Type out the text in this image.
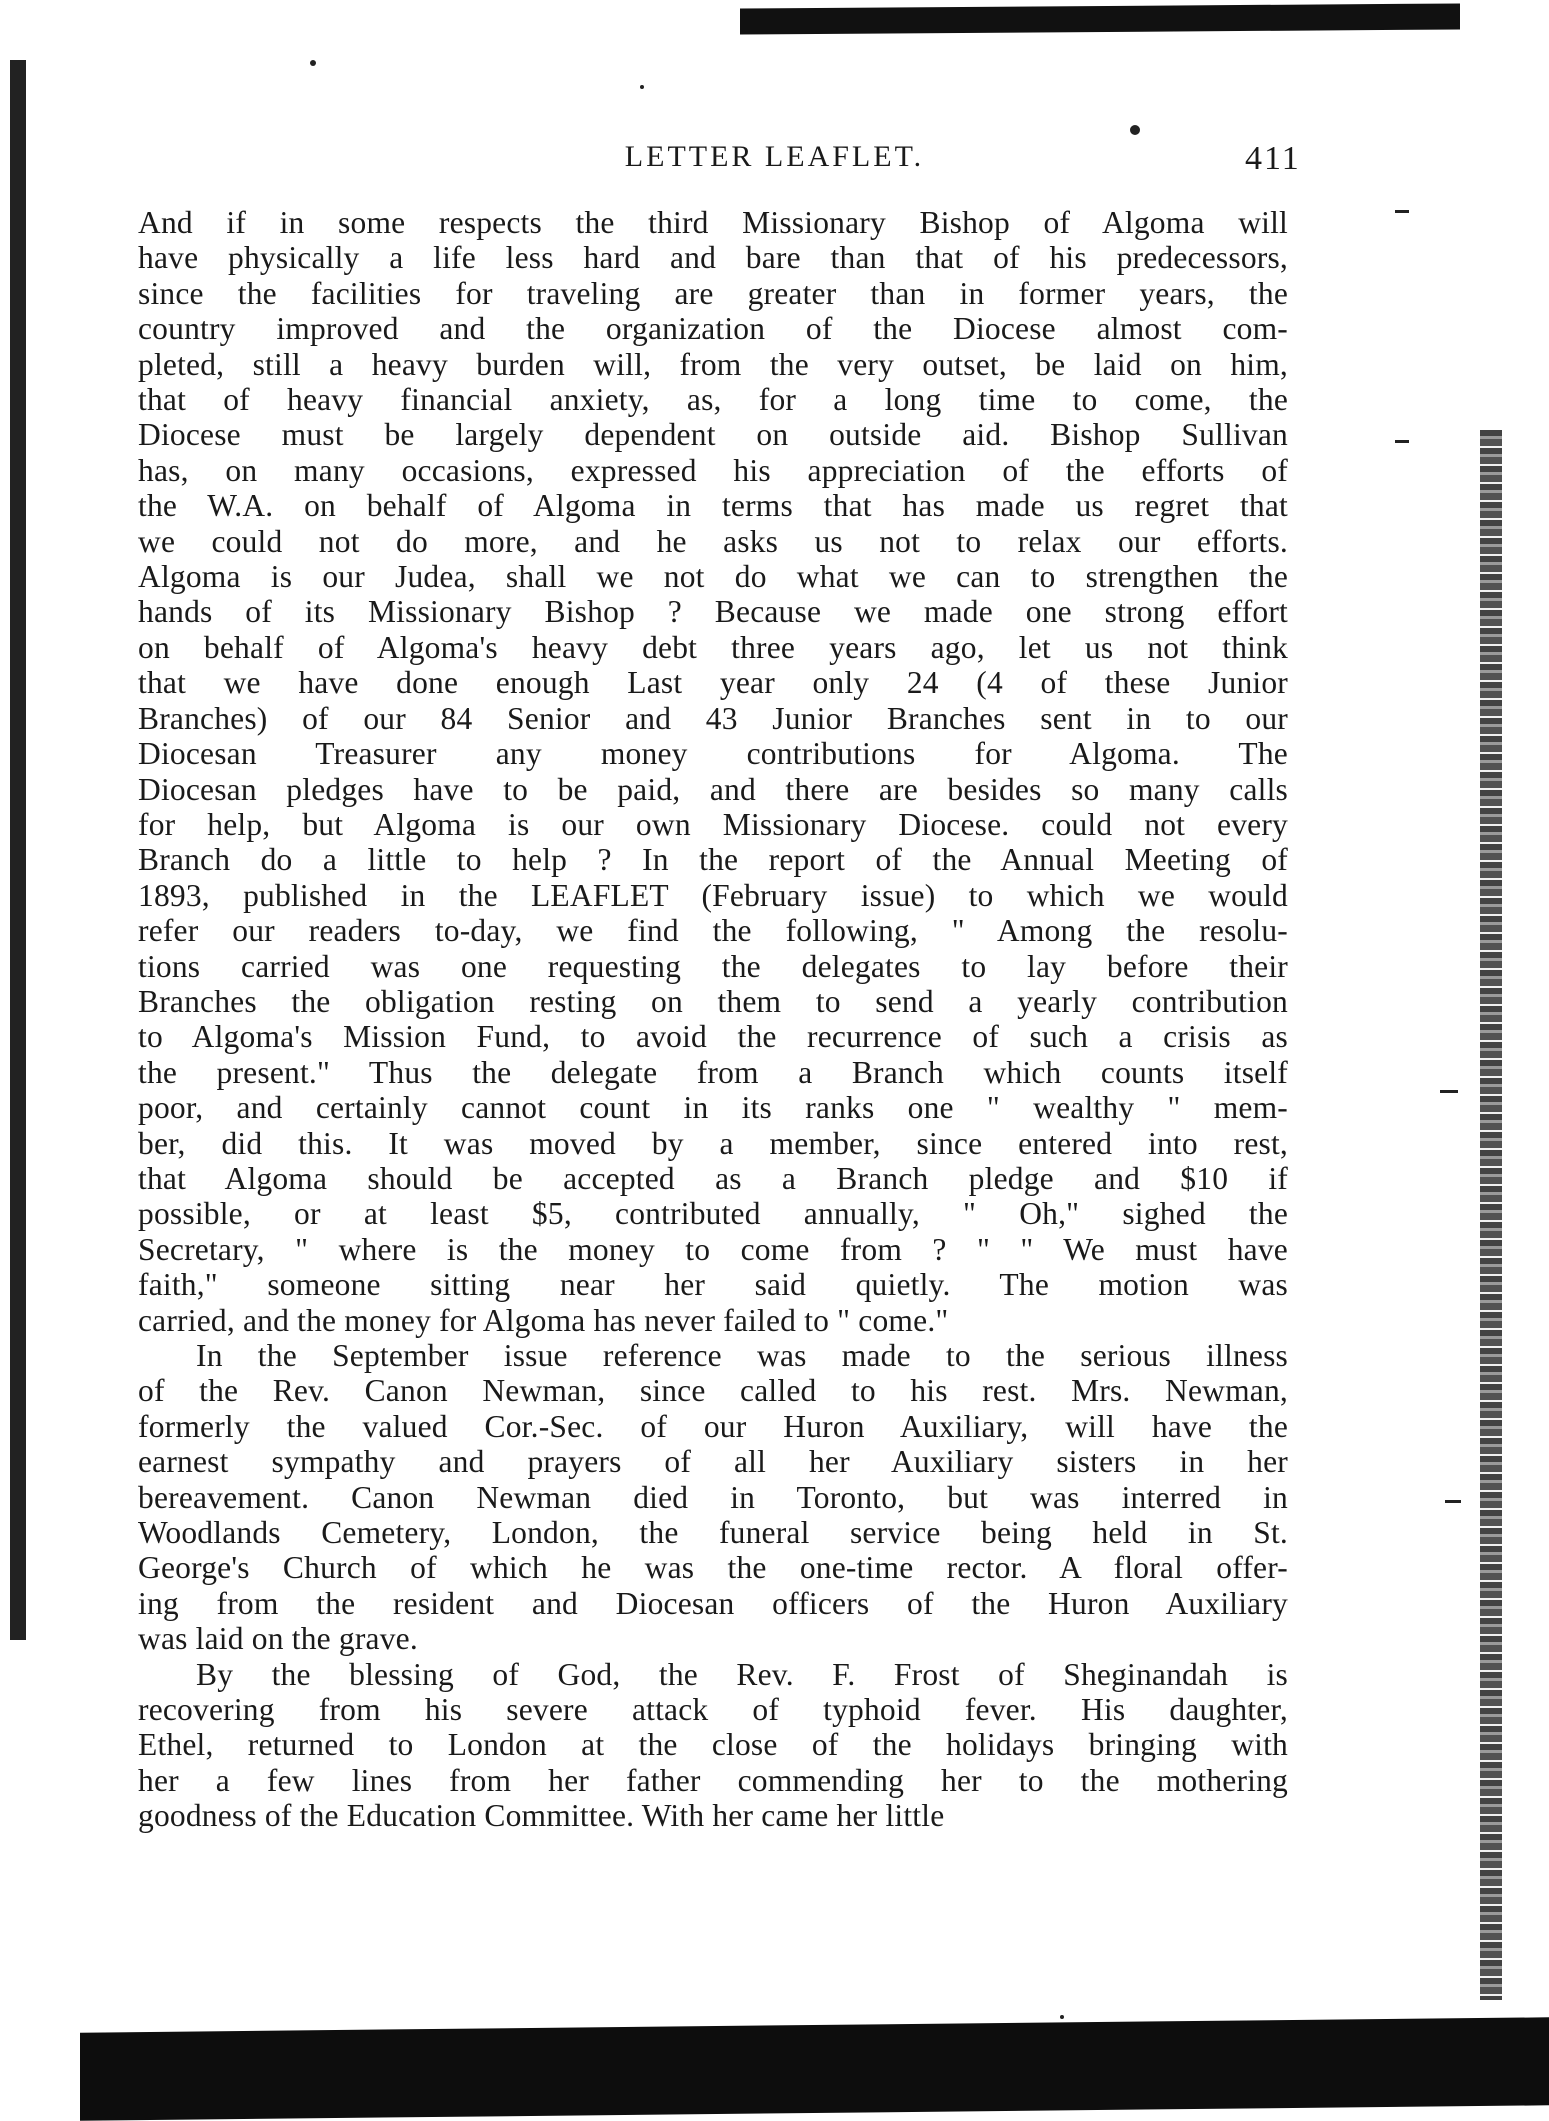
LETTER LEAFLET.	411

And if in some respects the third Missionary Bishop of Algoma will
have physically a life less hard and bare than that of his predecessors,
since the facilities for traveling are greater than in former years, the
country improved and the organization of the Diocese almost com-
pleted, still a heavy burden will, from the very outset, be laid on him,
that of heavy financial anxiety, as, for a long time to come, the
Diocese must be largely dependent on outside aid. Bishop Sullivan
has, on many occasions, expressed his appreciation of the efforts of
the W.A. on behalf of Algoma in terms that has made us regret that
we could not do more, and he asks us not to relax our efforts.
Algoma is our Judea, shall we not do what we can to strengthen the
hands of its Missionary Bishop ? Because we made one strong effort
on behalf of Algoma's heavy debt three years ago, let us not think
that we have done enough Last year only 24 (4 of these Junior
Branches) of our 84 Senior and 43 Junior Branches sent in to our
Diocesan Treasurer any money contributions for Algoma. The
Diocesan pledges have to be paid, and there are besides so many calls
for help, but Algoma is our own Missionary Diocese. could not every
Branch do a little to help ? In the report of the Annual Meeting of
1893, published in the LEAFLET (February issue) to which we would
refer our readers to-day, we find the following, " Among the resolu-
tions carried was one requesting the delegates to lay before their
Branches the obligation resting on them to send a yearly contribution
to Algoma's Mission Fund, to avoid the recurrence of such a crisis as
the present." Thus the delegate from a Branch which counts itself
poor, and certainly cannot count in its ranks one " wealthy " mem-
ber, did this. It was moved by a member, since entered into rest,
that Algoma should be accepted as a Branch pledge and $10 if
possible, or at least $5, contributed annually, " Oh," sighed the
Secretary, " where is the money to come from ? " " We must have
faith," someone sitting near her said quietly. The motion was
carried, and the money for Algoma has never failed to " come."

In the September issue reference was made to the serious illness
of the Rev. Canon Newman, since called to his rest. Mrs. Newman,
formerly the valued Cor.-Sec. of our Huron Auxiliary, will have the
earnest sympathy and prayers of all her Auxiliary sisters in her
bereavement. Canon Newman died in Toronto, but was interred in
Woodlands Cemetery, London, the funeral service being held in St.
George's Church of which he was the one-time rector. A floral offer-
ing from the resident and Diocesan officers of the Huron Auxiliary
was laid on the grave.

By the blessing of God, the Rev. F. Frost of Sheginandah is
recovering from his severe attack of typhoid fever. His daughter,
Ethel, returned to London at the close of the holidays bringing with
her a few lines from her father commending her to the mothering
goodness of the Education Committee. With her came her little
